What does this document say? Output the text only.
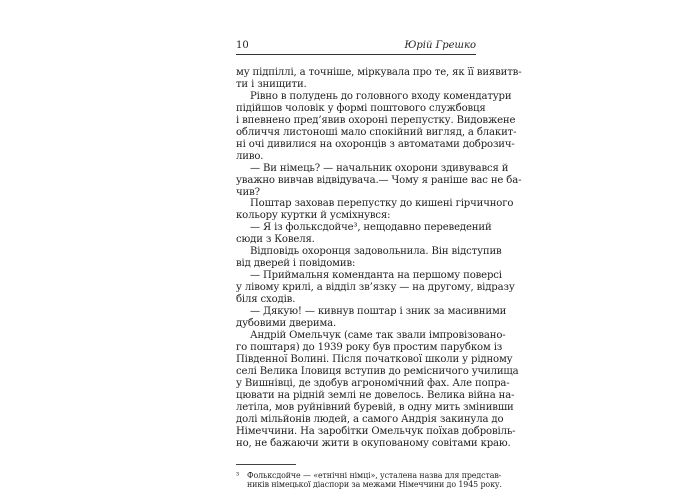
10	Юрій Грешко
му підпіллі, а точніше, міркувала про те, як її виявитв-
ти і знищити.
Рівно в полудень до головного входу комендатури
підійшов чоловік у формі поштового службовця
і впевнено пред’явив охороні перепустку. Видовжене
обличчя листоноші мало спокійний вигляд, а блакит-
ні очі дивилися на охоронців з автоматами доброзич-
ливо.
— Ви німець? — начальник охорони здивувався й
уважно вивчав відвідувача.— Чому я раніше вас не ба-
чив?
Поштар заховав перепустку до кишені гірчичного
кольору куртки й усміхнувся:
— Я із фольксдойче³, нещодавно переведений
сюди з Ковеля.
Відповідь охоронця задовольнила. Він відступив
від дверей і повідомив:
— Приймальня коменданта на першому поверсі
у лівому крилі, а відділ зв’язку — на другому, відразу
біля сходів.
— Дякую! — кивнув поштар і зник за масивними
дубовими дверима.
Андрій Омельчук (саме так звали імпровізовано-
го поштаря) до 1939 року був простим парубком із
Південної Волині. Після початкової школи у рідному
селі Велика Іловиця вступив до ремісничого училища
у Вишнівці, де здобув агрономічний фах. Але попра-
цювати на рідній землі не довелось. Велика війна на-
летіла, мов руйнівний буревій, в одну мить змінивши
долі мільйонів людей, а самого Андрія закинула до
Німеччини. На заробітки Омельчук поїхав добровіль-
но, не бажаючи жити в окупованому совітами краю.
³ Фольксдойче — «етнічні німці», усталена назва для представ-
ників німецької діаспори за межами Німеччини до 1945 року.
